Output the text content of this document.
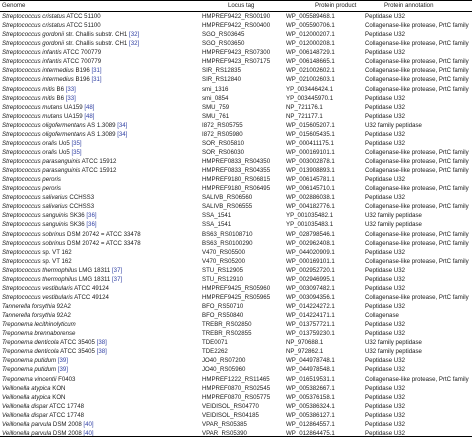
Genome	Locus tag	Protein product	Protein annotation
Streptococcus cristatus ATCC 51100	HMPREF9422_RS00190	WP_005589468.1	Peptidase U32
Streptococcus cristatus ATCC 51100	HMPREF9422_RS00400	WP_005590706.1	Collagenase-like protease, PrtC family
Streptococcus gordonii str. Challis substr. CH1 [32]	SGO_RS03645	WP_012000207.1	Peptidase U32
Streptococcus gordonii str. Challis substr. CH1 [32]	SGO_RS03650	WP_012000208.1	Collagenase-like protease, PrtC family
Streptococcus infantis ATCC 700779	HMPREF9423_RS07300	WP_006148729.1	Peptidase U32
Streptococcus infantis ATCC 700779	HMPREF9423_RS07175	WP_006148665.1	Collagenase-like protease, PrtC family
Streptococcus intermedius B196 [31]	SIR_RS12835	WP_021002602.1	Collagenase-like protease, PrtC family
Streptococcus intermedius B196 [31]	SIR_RS12840	WP_021002603.1	Collagenase-like protease, PrtC family
Streptococcus mitis B6 [33]	smi_1316	YP_003446424.1	Collagenase-like protease, PrtC family
Streptococcus mitis B6 [33]	smi_0854	YP_003445970.1	Peptidase U32
Streptococcus mutans UA159 [48]	SMU_759	NP_721176.1	Peptidase U32
Streptococcus mutans UA159 [48]	SMU_761	NP_721177.1	Peptidase U32
Streptococcus oligofermentans AS 1.3089 [34]	I872_RS05755	WP_015605207.1	U32 family peptidase
Streptococcus oligofermentans AS 1.3089 [34]	I872_RS05980	WP_015605435.1	Peptidase U32
Streptococcus oralis Uo5 [35]	SOR_RS05810	WP_000411175.1	Peptidase U32
Streptococcus oralis Uo5 [35]	SOR_RS06030	WP_000169101.1	Collagenase-like protease, PrtC family
Streptococcus parasanguinis ATCC 15912	HMPREF0833_RS04350	WP_003002878.1	Collagenase-like protease, PrtC family
Streptococcus parasanguinis ATCC 15912	HMPREF0833_RS04355	WP_013908893.1	Collagenase-like protease, PrtC family
Streptococcus peroris	HMPREF9180_RS06815	WP_006145781.1	Peptidase U32
Streptococcus peroris	HMPREF9180_RS06495	WP_006145710.1	Collagenase-like protease, PrtC family
Streptococcus salivarius CCHSS3	SALIVB_RS06560	WP_002886038.1	Peptidase U32
Streptococcus salivarius CCHSS3	SALIVB_RS06555	WP_004182776.1	Collagenase-like protease, PrtC family
Streptococcus sanguinis SK36 [36]	SSA_1541	YP_001035482.1	U32 family peptidase
Streptococcus sanguinis SK36 [36]	SSA_1541	YP_001035483.1	U32 family peptidase
Streptococcus sobrinus DSM 20742 = ATCC 33478	BS63_RS0108710	WP_028798546.1	Collagenase-like protease, PrtC family
Streptococcus sobrinus DSM 20742 = ATCC 33478	BS63_RS0100290	WP_002962408.1	Collagenase-like protease, PrtC family
Streptococcus sp. VT 162	V470_RS05500	WP_044020909.1	Peptidase U32
Streptococcus sp. VT 162	V470_RS05200	WP_000169101.1	Collagenase-like protease, PrtC family
Streptococcus thermophilus LMG 18311 [37]	STU_RS12905	WP_002952720.1	Peptidase U32
Streptococcus thermophilus LMG 18311 [37]	STU_RS12910	WP_002946995.1	Peptidase U32
Streptococcus vestibularis ATCC 49124	HMPREF9425_RS05960	WP_003097482.1	Peptidase U32
Streptococcus vestibularis ATCC 49124	HMPREF9425_RS05965	WP_003094356.1	Collagenase-like protease, PrtC family
Tannerella forsythia 92A2	BFO_RS50710	WP_014224272.1	Peptidase U32
Tannerella forsythia 92A2	BFO_RS50840	WP_014224171.1	Collagenase
Treponema lecithinolyticum	TREBR_RS02850	WP_013757721.1	Peptidase U32
Treponema brennaborense	TREBR_RS02855	WP_013759230.1	Peptidase U32
Treponema denticola ATCC 35405 [38]	TDE0071	NP_970688.1	U32 family peptidase
Treponema denticola ATCC 35405 [38]	TDE2262	NP_972862.1	U32 family peptidase
Treponema putidum [39]	JO40_RS07200	WP_044978748.1	Peptidase U32
Treponema putidum [39]	JO40_RS05960	WP_044978548.1	Peptidase U32
Treponema vincentii F0403	HMPREF1222_RS11465	WP_016519531.1	Collagenase-like protease, PrtC family
Veillonella atypica KON	HMPREF0870_RS02545	WP_005382667.1	Peptidase U32
Veillonella atypica KON	HMPREF0870_RS05775	WP_005376158.1	Peptidase U32
Veillonella dispar ATCC 17748	VEIDISOL_RS04770	WP_005386324.1	Peptidase U32
Veillonella dispar ATCC 17748	VEIDISOL_RS04185	WP_005386127.1	Peptidase U32
Veillonella parvula DSM 2008 [40]	VPAR_RS05385	WP_012864557.1	Peptidase U32
Veillonella parvula DSM 2008 [40]	VPAR_RS05390	WP_012864475.1	Peptidase U32
